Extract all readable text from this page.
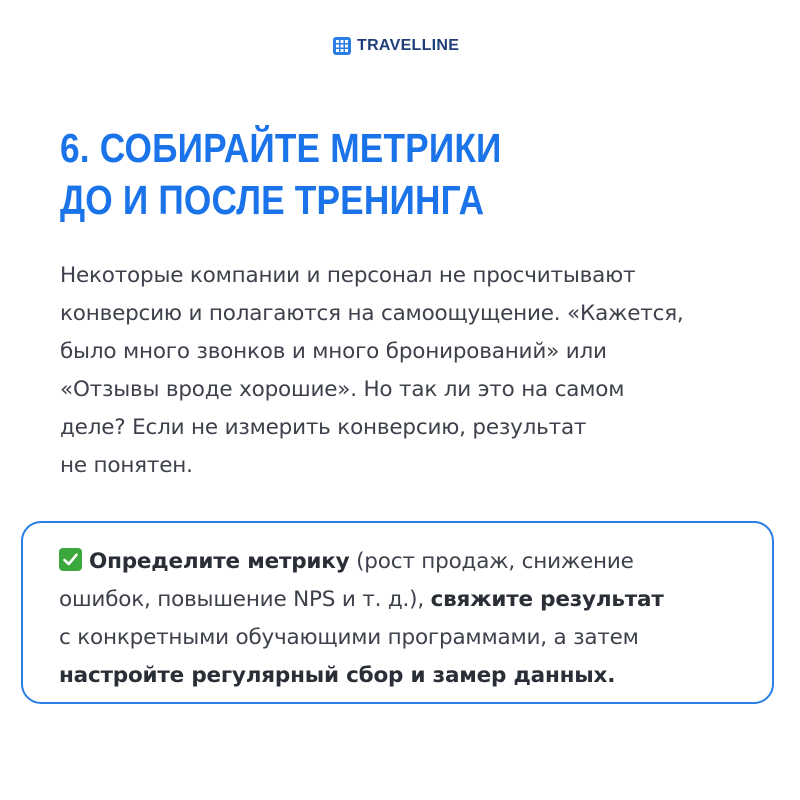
TRAVELLINE
6. СОБИРАЙТЕ МЕТРИКИ
ДО И ПОСЛЕ ТРЕНИНГА

Некоторые компании и персонал не просчитывают
конверсию и полагаются на самоощущение. «Кажется,
было много звонков и много бронирований» или
«Отзывы вроде хорошие». Но так ли это на самом
деле? Если не измерить конверсию, результат
не понятен.

Определите метрику (рост продаж, снижение
ошибок, повышение NPS и т. д.), свяжите результат
с конкретными обучающими программами, а затем
настройте регулярный сбор и замер данных.
